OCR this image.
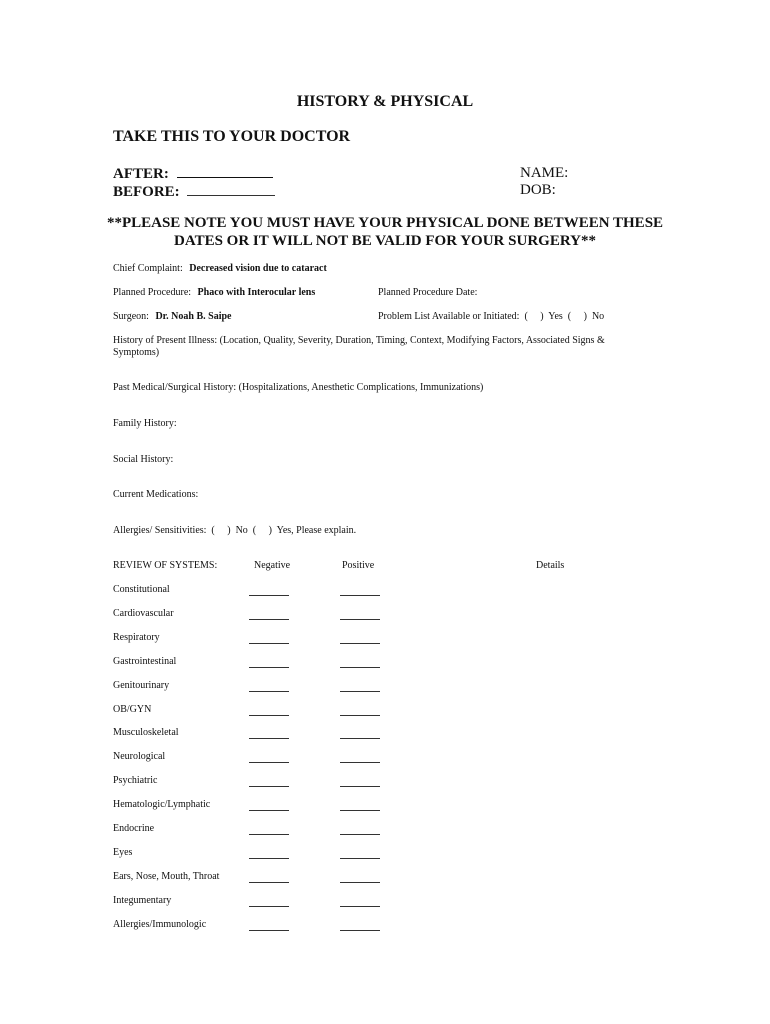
HISTORY & PHYSICAL
TAKE THIS TO YOUR DOCTOR
AFTER:
BEFORE:
NAME:
DOB:
**PLEASE NOTE YOU MUST HAVE YOUR PHYSICAL DONE BETWEEN THESE
DATES OR IT WILL NOT BE VALID FOR YOUR SURGERY**
Chief Complaint: Decreased vision due to cataract
Planned Procedure: Phaco with Interocular lens	Planned Procedure Date:
Surgeon: Dr. Noah B. Saipe	Problem List Available or Initiated:  (     )  Yes  (     )  No
History of Present Illness: (Location, Quality, Severity, Duration, Timing, Context, Modifying Factors, Associated Signs &
Symptoms)
Past Medical/Surgical History: (Hospitalizations, Anesthetic Complications, Immunizations)
Family History:
Social History:
Current Medications:
Allergies/ Sensitivities:  (     )  No  (     )  Yes, Please explain.
REVIEW OF SYSTEMS:	Negative	Positive	Details
Constitutional
Cardiovascular
Respiratory
Gastrointestinal
Genitourinary
OB/GYN
Musculoskeletal
Neurological
Psychiatric
Hematologic/Lymphatic
Endocrine
Eyes
Ears, Nose, Mouth, Throat
Integumentary
Allergies/Immunologic
